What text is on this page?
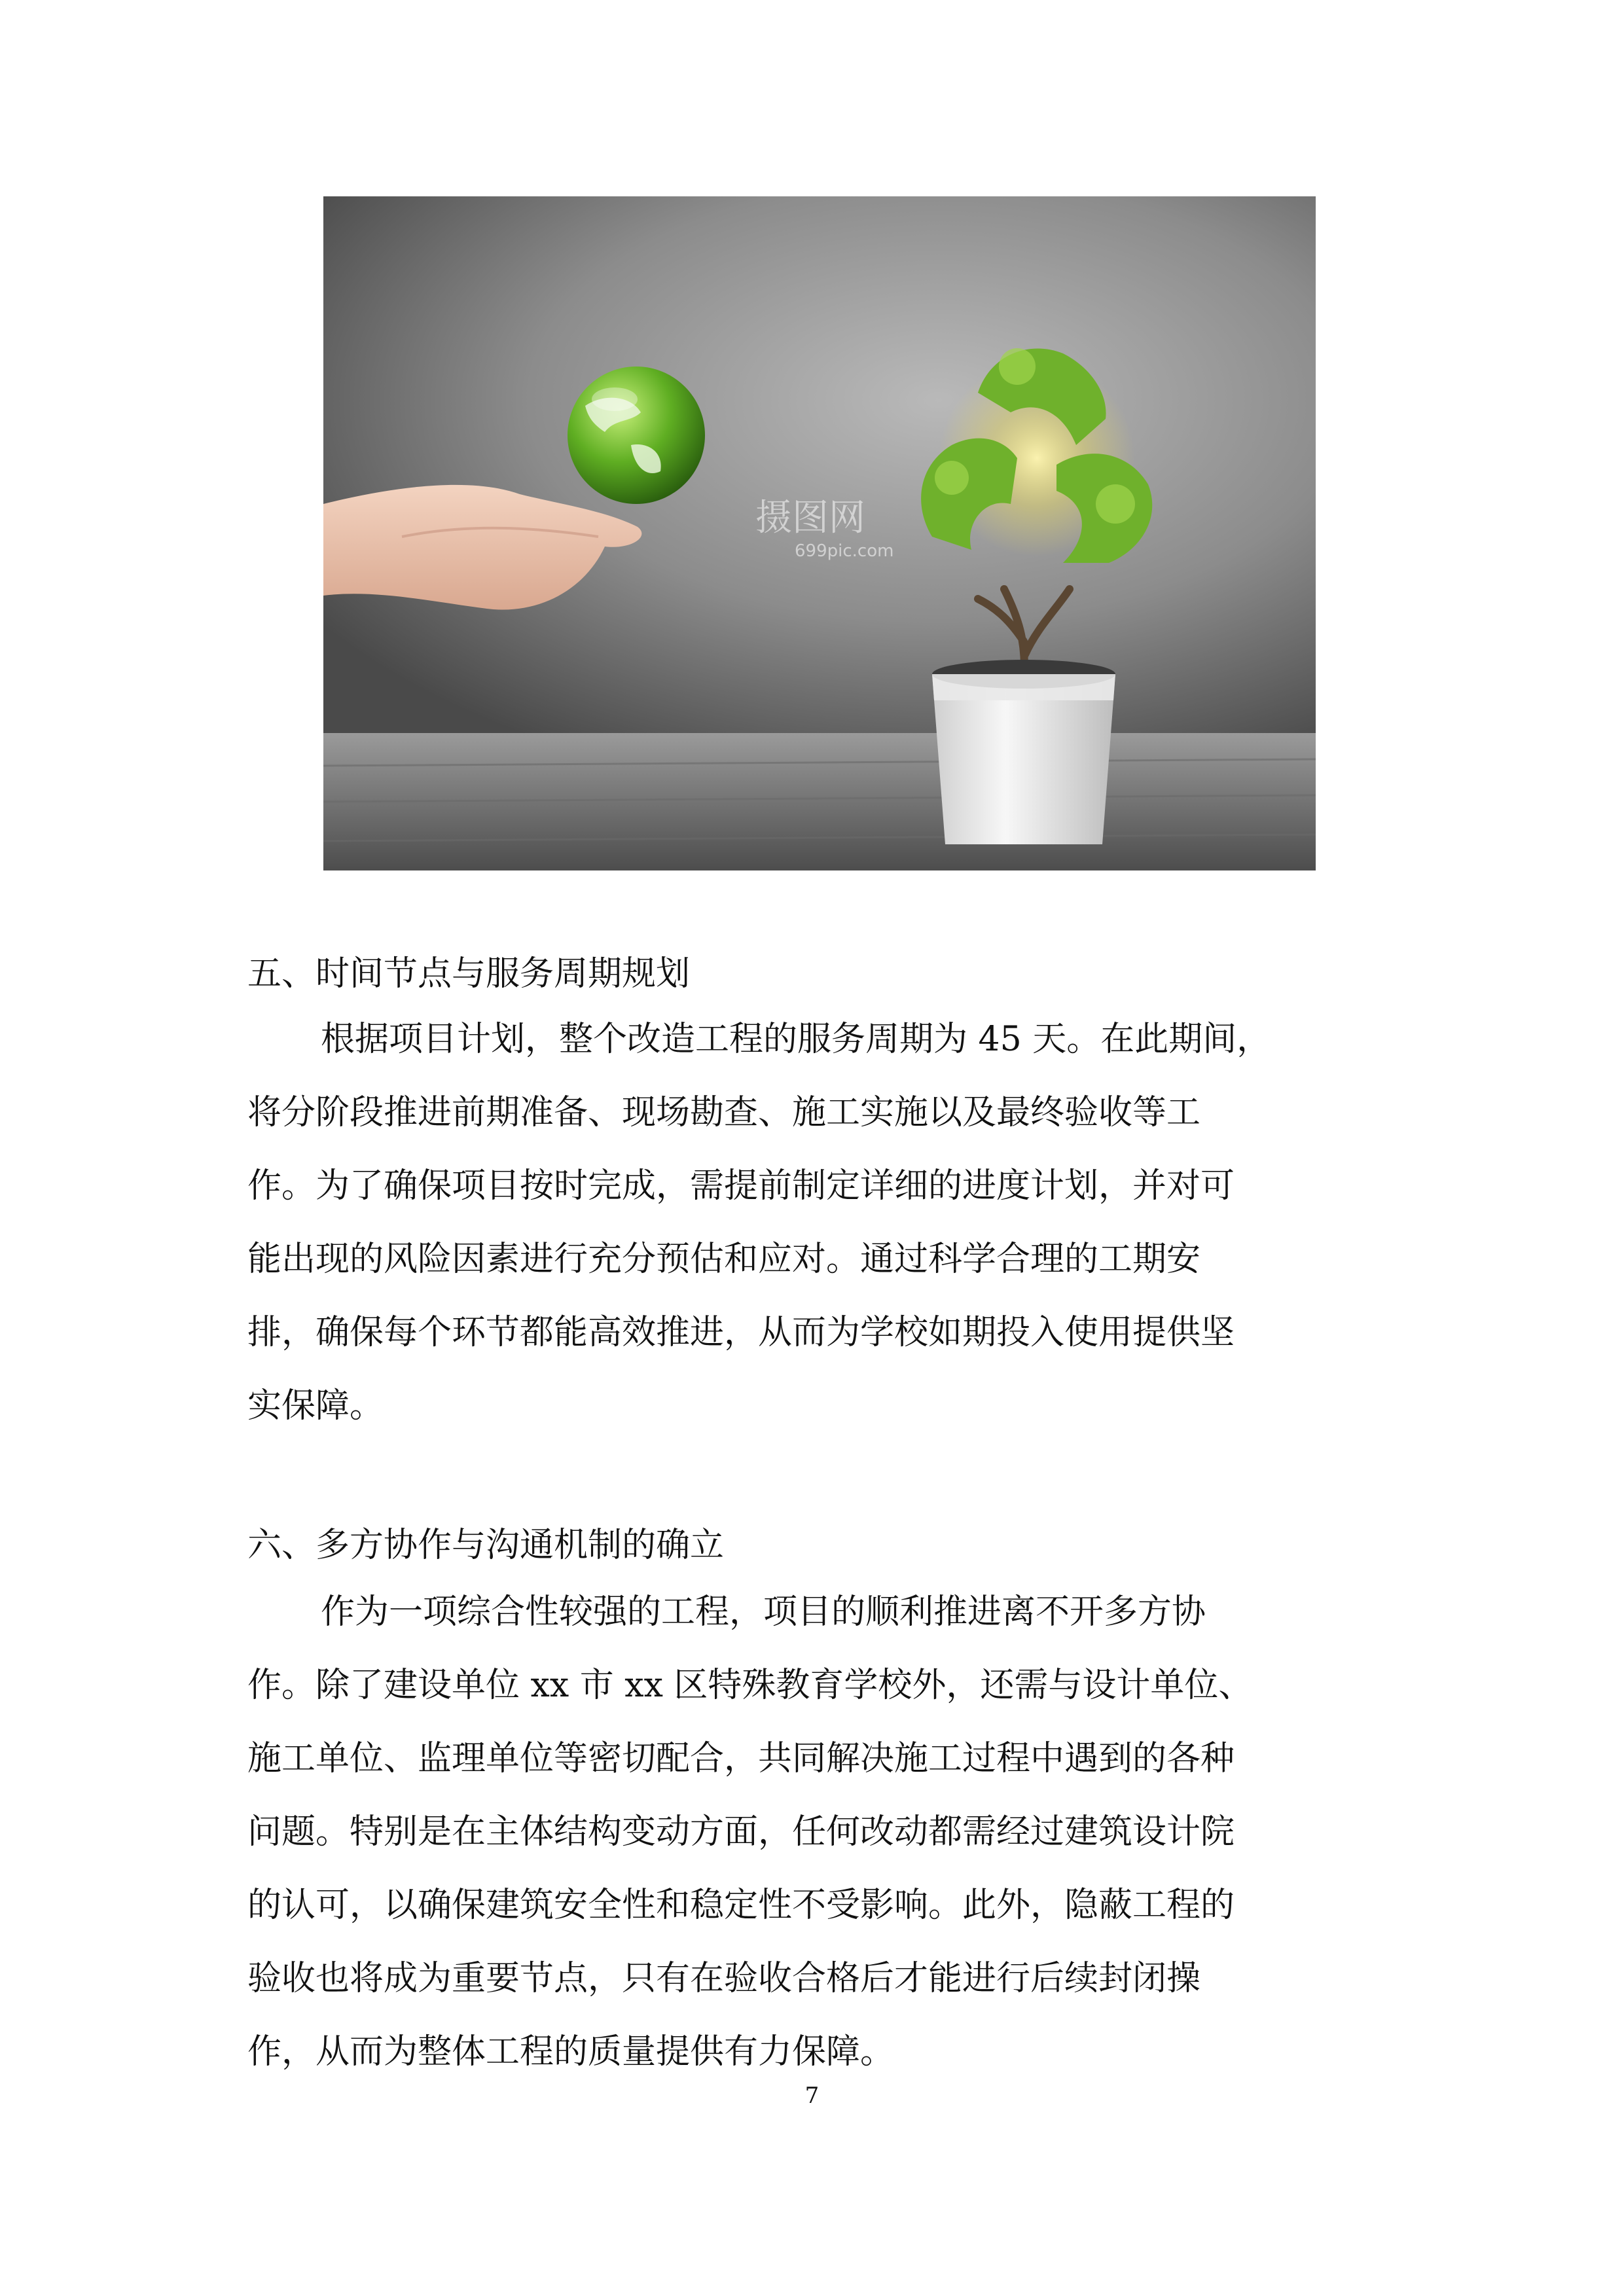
摄图网
699pic.com
五、时间节点与服务周期规划
根据项目计划，整个改造工程的服务周期为 45 天。在此期间，
将分阶段推进前期准备、现场勘查、施工实施以及最终验收等工
作。为了确保项目按时完成，需提前制定详细的进度计划，并对可
能出现的风险因素进行充分预估和应对。通过科学合理的工期安
排，确保每个环节都能高效推进，从而为学校如期投入使用提供坚
实保障。
六、多方协作与沟通机制的确立
作为一项综合性较强的工程，项目的顺利推进离不开多方协
作。除了建设单位 xx 市 xx 区特殊教育学校外，还需与设计单位、
施工单位、监理单位等密切配合，共同解决施工过程中遇到的各种
问题。特别是在主体结构变动方面，任何改动都需经过建筑设计院
的认可，以确保建筑安全性和稳定性不受影响。此外，隐蔽工程的
验收也将成为重要节点，只有在验收合格后才能进行后续封闭操
作，从而为整体工程的质量提供有力保障。
7
